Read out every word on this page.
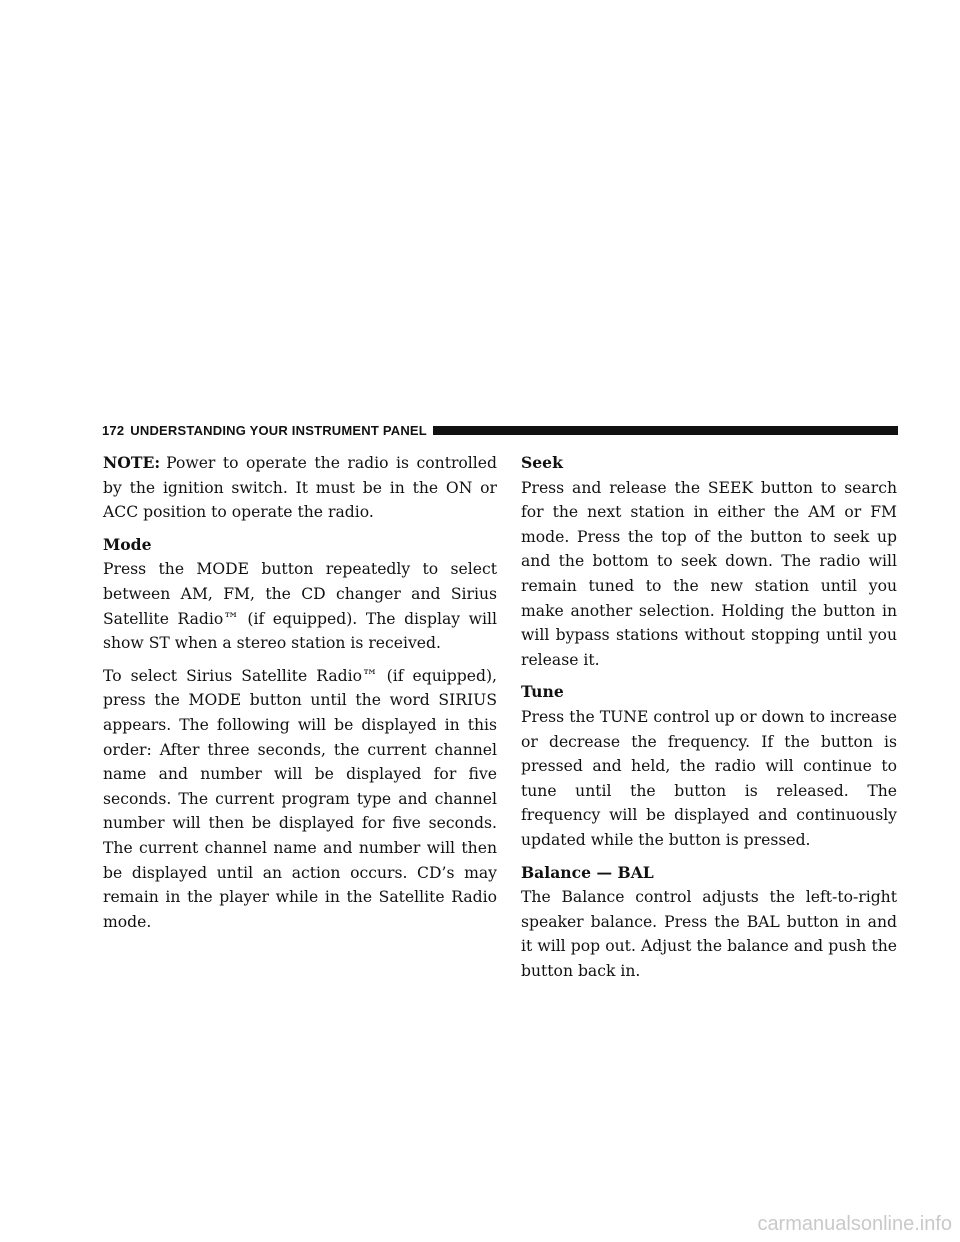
172 UNDERSTANDING YOUR INSTRUMENT PANEL

NOTE: Power to operate the radio is controlled by the ignition switch. It must be in the ON or ACC position to operate the radio.

Mode

Press the MODE button repeatedly to select between AM, FM, the CD changer and Sirius Satellite Radio™ (if equipped). The display will show ST when a stereo station is received.

To select Sirius Satellite Radio™ (if equipped), press the MODE button until the word SIRIUS appears. The following will be displayed in this order: After three seconds, the current channel name and number will be displayed for five seconds. The current program type and channel number will then be displayed for five seconds. The current channel name and number will then be displayed until an action occurs. CD’s may remain in the player while in the Satellite Radio mode.

Seek

Press and release the SEEK button to search for the next station in either the AM or FM mode. Press the top of the button to seek up and the bottom to seek down. The radio will remain tuned to the new station until you make another selection. Holding the button in will bypass stations without stopping until you release it.

Tune

Press the TUNE control up or down to increase or decrease the frequency. If the button is pressed and held, the radio will continue to tune until the button is released. The frequency will be displayed and continuously updated while the button is pressed.

Balance — BAL

The Balance control adjusts the left-to-right speaker balance. Press the BAL button in and it will pop out. Adjust the balance and push the button back in.

carmanualsonline.info
